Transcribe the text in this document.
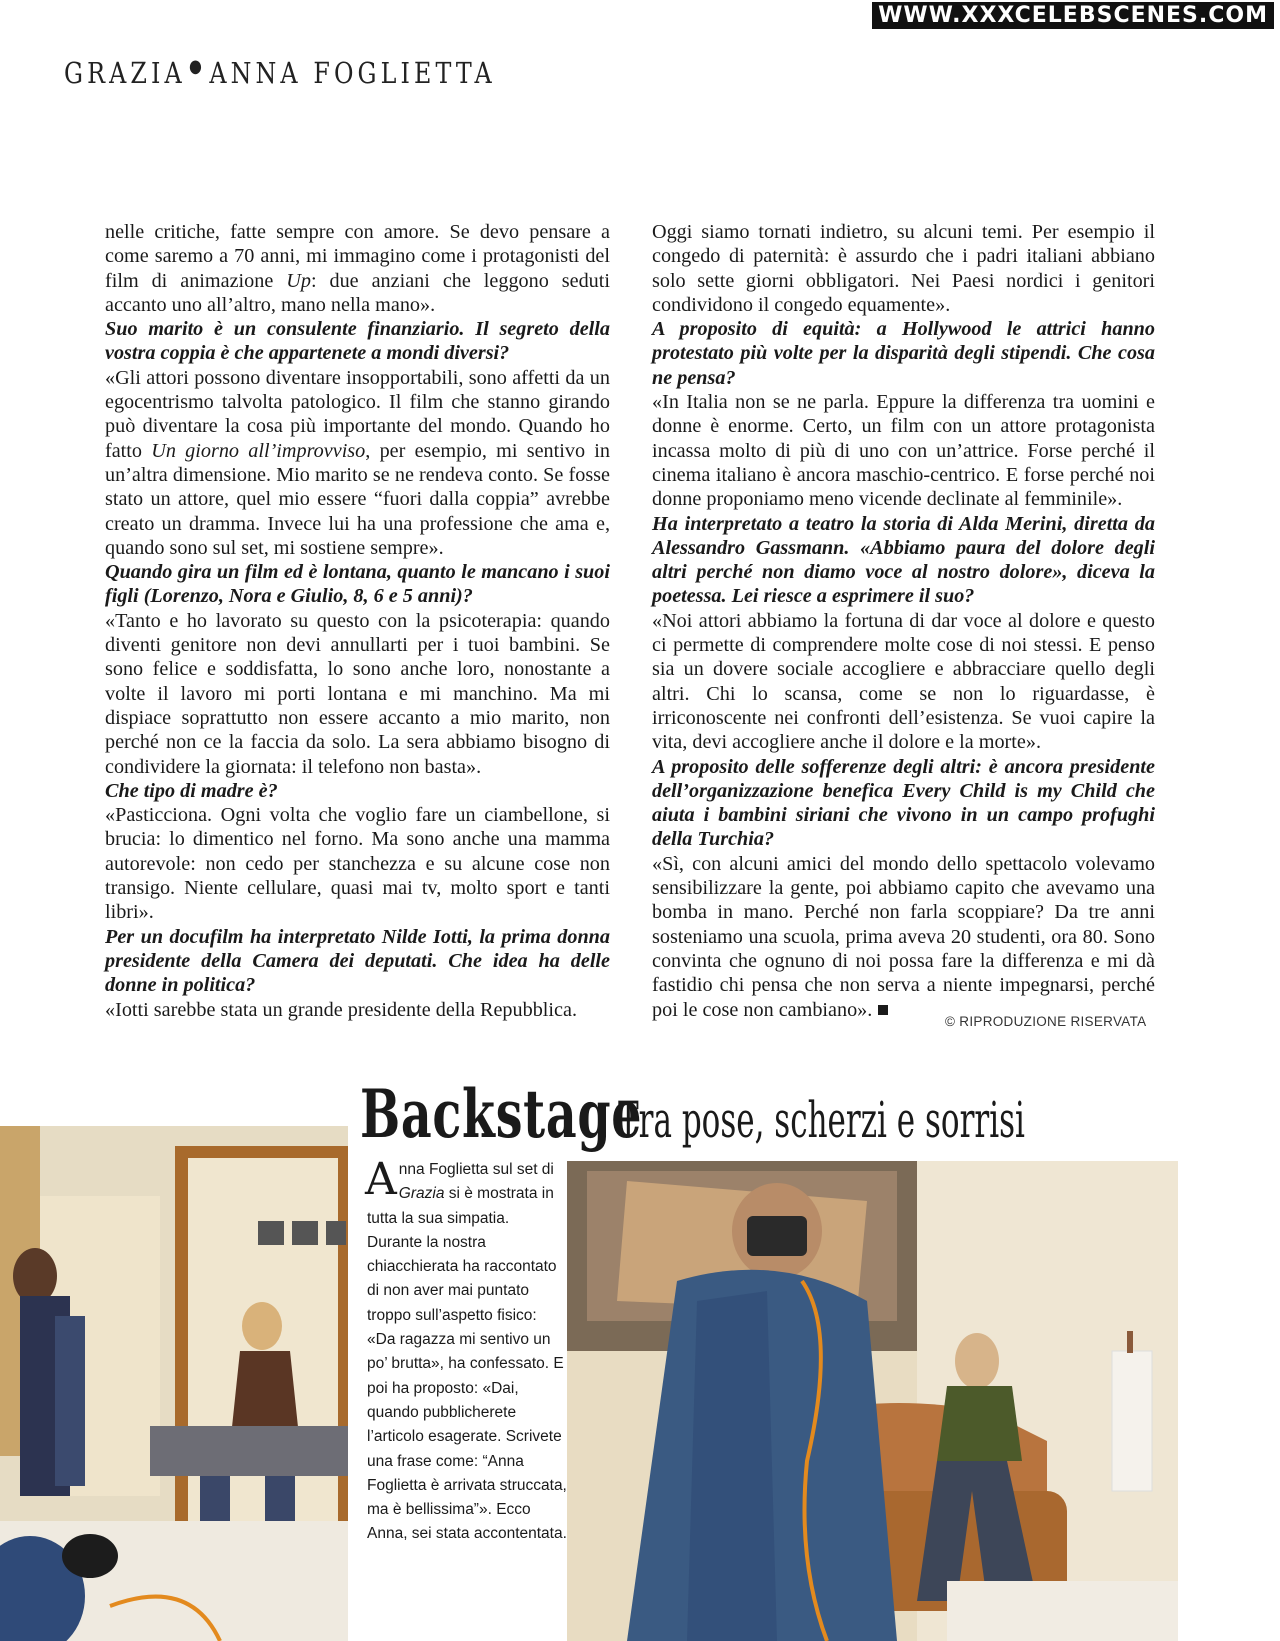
WWW.XXXCELEBSCENES.COM
GRAZIA ● ANNA FOGLIETTA

nelle critiche, fatte sempre con amore. Se devo pensare a come saremo a 70 anni, mi immagino come i protagonisti del film di animazione Up: due anziani che leggono seduti accanto uno all’altro, mano nella mano».

Suo marito è un consulente finanziario. Il segreto della vostra coppia è che appartenete a mondi diversi?

«Gli attori possono diventare insopportabili, sono affetti da un egocentrismo talvolta patologico. Il film che stanno girando può diventare la cosa più importante del mondo. Quando ho fatto Un giorno all’improvviso, per esempio, mi sentivo in un’altra dimensione. Mio marito se ne rendeva conto. Se fosse stato un attore, quel mio essere “fuori dalla coppia” avrebbe creato un dramma. Invece lui ha una professione che ama e, quando sono sul set, mi sostiene sempre».

Quando gira un film ed è lontana, quanto le mancano i suoi figli (Lorenzo, Nora e Giulio, 8, 6 e 5 anni)?

«Tanto e ho lavorato su questo con la psicoterapia: quando diventi genitore non devi annullarti per i tuoi bambini. Se sono felice e soddisfatta, lo sono anche loro, nonostante a volte il lavoro mi porti lontana e mi manchino. Ma mi dispiace soprattutto non essere accanto a mio marito, non perché non ce la faccia da solo. La sera abbiamo bisogno di condividere la giornata: il telefono non basta».

Che tipo di madre è?

«Pasticciona. Ogni volta che voglio fare un ciambellone, si brucia: lo dimentico nel forno. Ma sono anche una mamma autorevole: non cedo per stanchezza e su alcune cose non transigo. Niente cellulare, quasi mai tv, molto sport e tanti libri».

Per un docufilm ha interpretato Nilde Iotti, la prima donna presidente della Camera dei deputati. Che idea ha delle donne in politica?

«Iotti sarebbe stata un grande presidente della Repubblica.

Oggi siamo tornati indietro, su alcuni temi. Per esempio il congedo di paternità: è assurdo che i padri italiani abbiano solo sette giorni obbligatori. Nei Paesi nordici i genitori condividono il congedo equamente».

A proposito di equità: a Hollywood le attrici hanno protestato più volte per la disparità degli stipendi. Che cosa ne pensa?

«In Italia non se ne parla. Eppure la differenza tra uomini e donne è enorme. Certo, un film con un attore protagonista incassa molto di più di uno con un’attrice. Forse perché il cinema italiano è ancora maschio-centrico. E forse perché noi donne proponiamo meno vicende declinate al femminile».

Ha interpretato a teatro la storia di Alda Merini, diretta da Alessandro Gassmann. «Abbiamo paura del dolore degli altri perché non diamo voce al nostro dolore», diceva la poetessa. Lei riesce a esprimere il suo?

«Noi attori abbiamo la fortuna di dar voce al dolore e questo ci permette di comprendere molte cose di noi stessi. E penso sia un dovere sociale accogliere e abbracciare quello degli altri. Chi lo scansa, come se non lo riguardasse, è irriconoscente nei confronti dell’esistenza. Se vuoi capire la vita, devi accogliere anche il dolore e la morte».

A proposito delle sofferenze degli altri: è ancora presidente dell’organizzazione benefica Every Child is my Child che aiuta i bambini siriani che vivono in un campo profughi della Turchia?

«Sì, con alcuni amici del mondo dello spettacolo volevamo sensibilizzare la gente, poi abbiamo capito che avevamo una bomba in mano. Perché non farla scoppiare? Da tre anni sosteniamo una scuola, prima aveva 20 studenti, ora 80. Sono convinta che ognuno di noi possa fare la differenza e mi dà fastidio chi pensa che non serva a niente impegnarsi, perché poi le cose non cambiano».

© RIPRODUZIONE RISERVATA
Backstage
Tra pose, scherzi e sorrisi
Anna Foglietta sul set di Grazia si è mostrata in tutta la sua simpatia. Durante la nostra chiacchierata ha raccontato di non aver mai puntato troppo sull’aspetto fisico: «Da ragazza mi sentivo un po’ brutta», ha confessato. E poi ha proposto: «Dai, quando pubblicherete l’articolo esagerate. Scrivete una frase come: “Anna Foglietta è arrivata struccata, ma è bellissima”». Ecco Anna, sei stata accontentata.
